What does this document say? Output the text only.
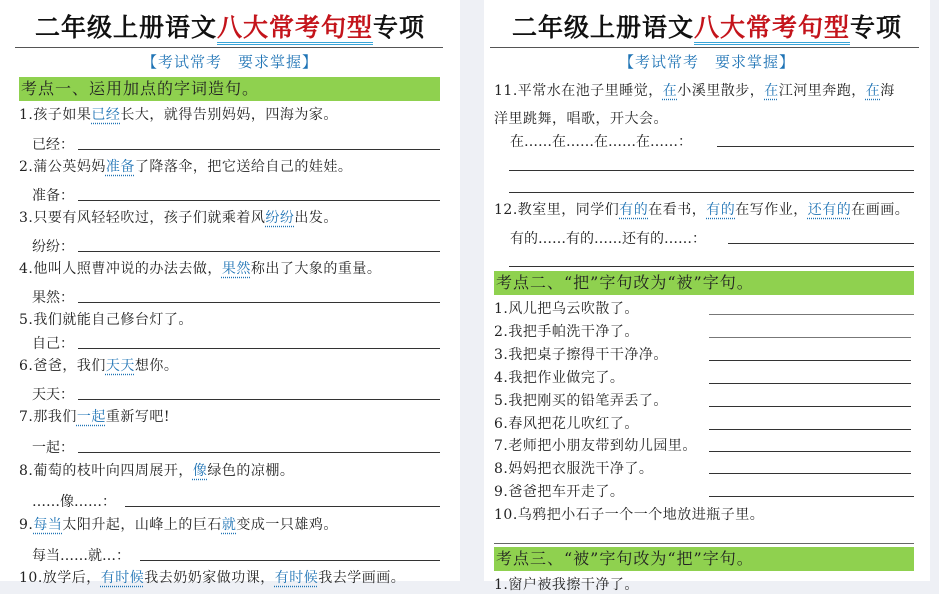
二年级上册语文八大常考句型专项
【考试常考　要求掌握】
考点一、运用加点的字词造句。
1.孩子如果已经长大，就得告别妈妈，四海为家。
已经：
2.蒲公英妈妈准备了降落伞，把它送给自己的娃娃。
准备：
3.只要有风轻轻吹过，孩子们就乘着风纷纷出发。
纷纷：
4.他叫人照曹冲说的办法去做，果然称出了大象的重量。
果然：
5.我们就能自己修台灯了。
自己：
6.爸爸，我们天天想你。
天天：
7.那我们一起重新写吧!
一起：
8.葡萄的枝叶向四周展开，像绿色的凉棚。
……像……：
9.每当太阳升起，山峰上的巨石就变成一只雄鸡。
每当……就…：
10.放学后，有时候我去奶奶家做功课，有时候我去学画画。
二年级上册语文八大常考句型专项
【考试常考　要求掌握】
11.平常水在池子里睡觉，在小溪里散步，在江河里奔跑，在海
洋里跳舞，唱歌，开大会。
在……在……在……在……：
12.教室里，同学们有的在看书，有的在写作业，还有的在画画。
有的……有的……还有的……：
考点二、“把”字句改为“被”字句。
1.风儿把乌云吹散了。
2.我把手帕洗干净了。
3.我把桌子擦得干干净净。
4.我把作业做完了。
5.我把刚买的铅笔弄丢了。
6.春风把花儿吹红了。
7.老师把小朋友带到幼儿园里。
8.妈妈把衣服洗干净了。
9.爸爸把车开走了。
10.乌鸦把小石子一个一个地放进瓶子里。
考点三、“被”字句改为“把”字句。
1.窗户被我擦干净了。
